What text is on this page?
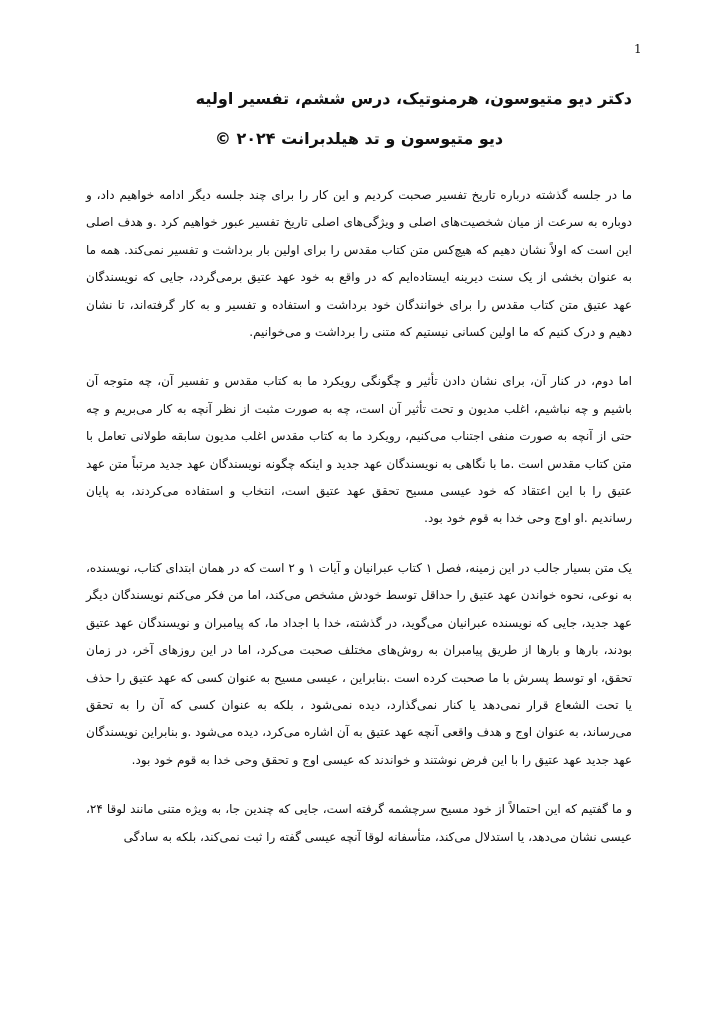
1
دکتر دیو متیوسون، هرمنوتیک، درس ششم، تفسیر اولیه
دیو متیوسون و تد هیلدبرانت ۲۰۲۴ ©

ما در جلسه گذشته درباره تاریخ تفسیر صحبت کردیم و این کار را برای چند جلسه دیگر ادامه خواهیم داد، و دوباره به سرعت از میان شخصیت‌های اصلی و ویژگی‌های اصلی تاریخ تفسیر عبور خواهیم کرد .و هدف اصلی این است که اولاً نشان دهیم که هیچ‌کس متن کتاب مقدس را برای اولین بار برداشت و تفسیر نمی‌کند. همه ما به عنوان بخشی از یک سنت دیرینه ایستاده‌ایم که در واقع به خود عهد عتیق برمی‌گردد، جایی که نویسندگان عهد عتیق متن کتاب مقدس را برای خوانندگان خود برداشت و استفاده و تفسیر و به کار گرفته‌اند، تا نشان دهیم و درک کنیم که ما اولین کسانی نیستیم که متنی را برداشت و می‌خوانیم.

اما دوم، در کنار آن، برای نشان دادن تأثیر و چگونگی رویکرد ما به کتاب مقدس و تفسیر آن، چه متوجه آن باشیم و چه نباشیم، اغلب مدیون و تحت تأثیر آن است، چه به صورت مثبت از نظر آنچه به کار می‌بریم و چه حتی از آنچه به صورت منفی اجتناب می‌کنیم، رویکرد ما به کتاب مقدس اغلب مدیون سابقه طولانی تعامل با متن کتاب مقدس است .ما با نگاهی به نویسندگان عهد جدید و اینکه چگونه نویسندگان عهد جدید مرتباً متن عهد عتیق را با این اعتقاد که خود عیسی مسیح تحقق عهد عتیق است، انتخاب و استفاده می‌کردند، به پایان رساندیم .او اوج وحی خدا به قوم خود بود.

یک متن بسیار جالب در این زمینه، فصل ۱ کتاب عبرانیان و آیات ۱ و ۲ است که در همان ابتدای کتاب، نویسنده، به نوعی، نحوه خواندن عهد عتیق را حداقل توسط خودش مشخص می‌کند، اما من فکر می‌کنم نویسندگان دیگر عهد جدید، جایی که نویسنده عبرانیان می‌گوید، در گذشته، خدا با اجداد ما، که پیامبران و نویسندگان عهد عتیق بودند، بارها و بارها از طریق پیامبران به روش‌های مختلف صحبت می‌کرد، اما در این روزهای آخر، در زمان تحقق، او توسط پسرش با ما صحبت کرده است .بنابراین ، عیسی مسیح به عنوان کسی که عهد عتیق را حذف یا تحت الشعاع قرار نمی‌دهد یا کنار نمی‌گذارد، دیده نمی‌شود ، بلکه به عنوان کسی که آن را به تحقق می‌رساند، به عنوان اوج و هدف واقعی آنچه عهد عتیق به آن اشاره می‌کرد، دیده می‌شود .و بنابراین نویسندگان عهد جدید عهد عتیق را با این فرض نوشتند و خواندند که عیسی اوج و تحقق وحی خدا به قوم خود بود.

و ما گفتیم که این احتمالاً از خود مسیح سرچشمه گرفته است، جایی که چندین جا، به ویژه متنی مانند لوقا ۲۴، عیسی نشان می‌دهد، یا استدلال می‌کند، متأسفانه لوقا آنچه عیسی گفته را ثبت نمی‌کند، بلکه به سادگی
